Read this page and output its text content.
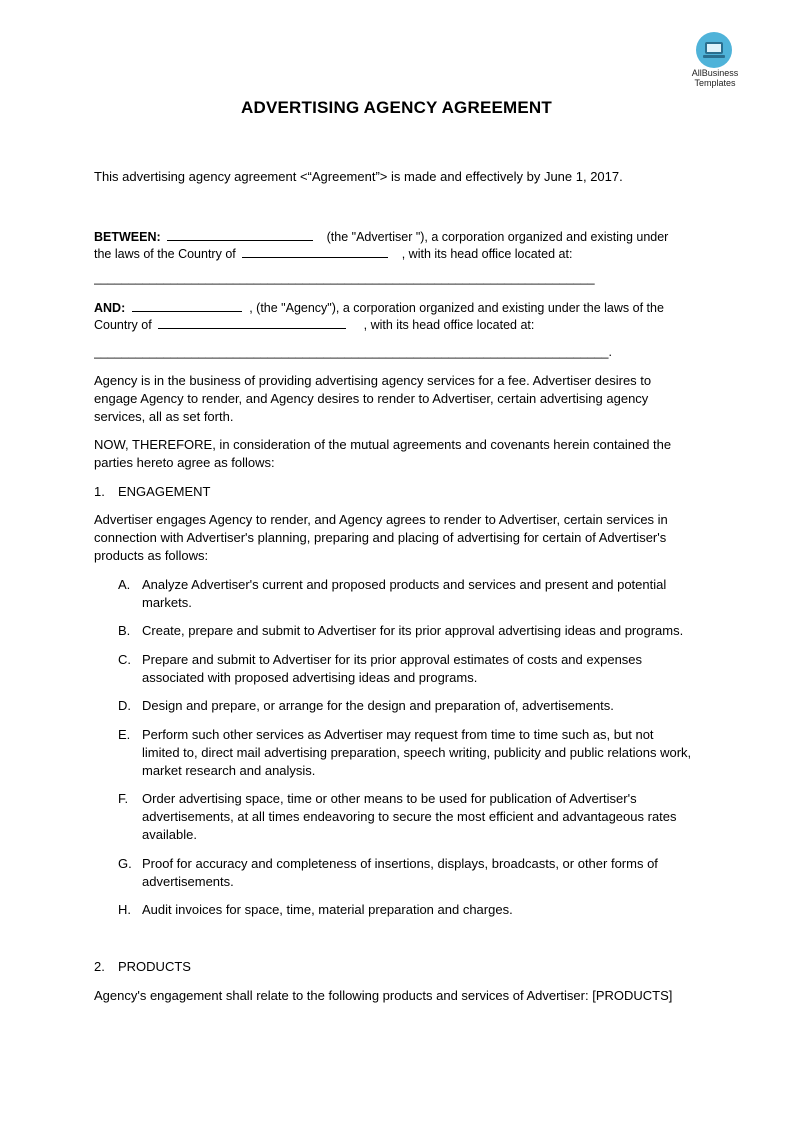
AllBusiness
Templates
ADVERTISING AGENCY AGREEMENT
This advertising agency agreement <“Agreement”> is made and effectively by June 1, 2017.
BETWEEN:	(the "Advertiser "), a corporation organized and existing under
the laws of the Country of	, with its head office located at:
________________________________________________________________________
AND:	, (the "Agency"), a corporation organized and existing under the laws of the
Country of	, with its head office located at:
__________________________________________________________________________.
Agency is in the business of providing advertising agency services for a fee. Advertiser desires to engage Agency to render, and Agency desires to render to Advertiser, certain advertising agency services, all as set forth.
NOW, THEREFORE, in consideration of the mutual agreements and covenants herein contained the parties hereto agree as follows:
1. ENGAGEMENT
Advertiser engages Agency to render, and Agency agrees to render to Advertiser, certain services in connection with Advertiser's planning, preparing and placing of advertising for certain of Advertiser's products as follows:
A. Analyze Advertiser's current and proposed products and services and present and potential markets.
B. Create, prepare and submit to Advertiser for its prior approval advertising ideas and programs.
C. Prepare and submit to Advertiser for its prior approval estimates of costs and expenses associated with proposed advertising ideas and programs.
D. Design and prepare, or arrange for the design and preparation of, advertisements.
E. Perform such other services as Advertiser may request from time to time such as, but not limited to, direct mail advertising preparation, speech writing, publicity and public relations work, market research and analysis.
F. Order advertising space, time or other means to be used for publication of Advertiser's advertisements, at all times endeavoring to secure the most efficient and advantageous rates available.
G. Proof for accuracy and completeness of insertions, displays, broadcasts, or other forms of advertisements.
H. Audit invoices for space, time, material preparation and charges.
2. PRODUCTS
Agency's engagement shall relate to the following products and services of Advertiser: [PRODUCTS]
